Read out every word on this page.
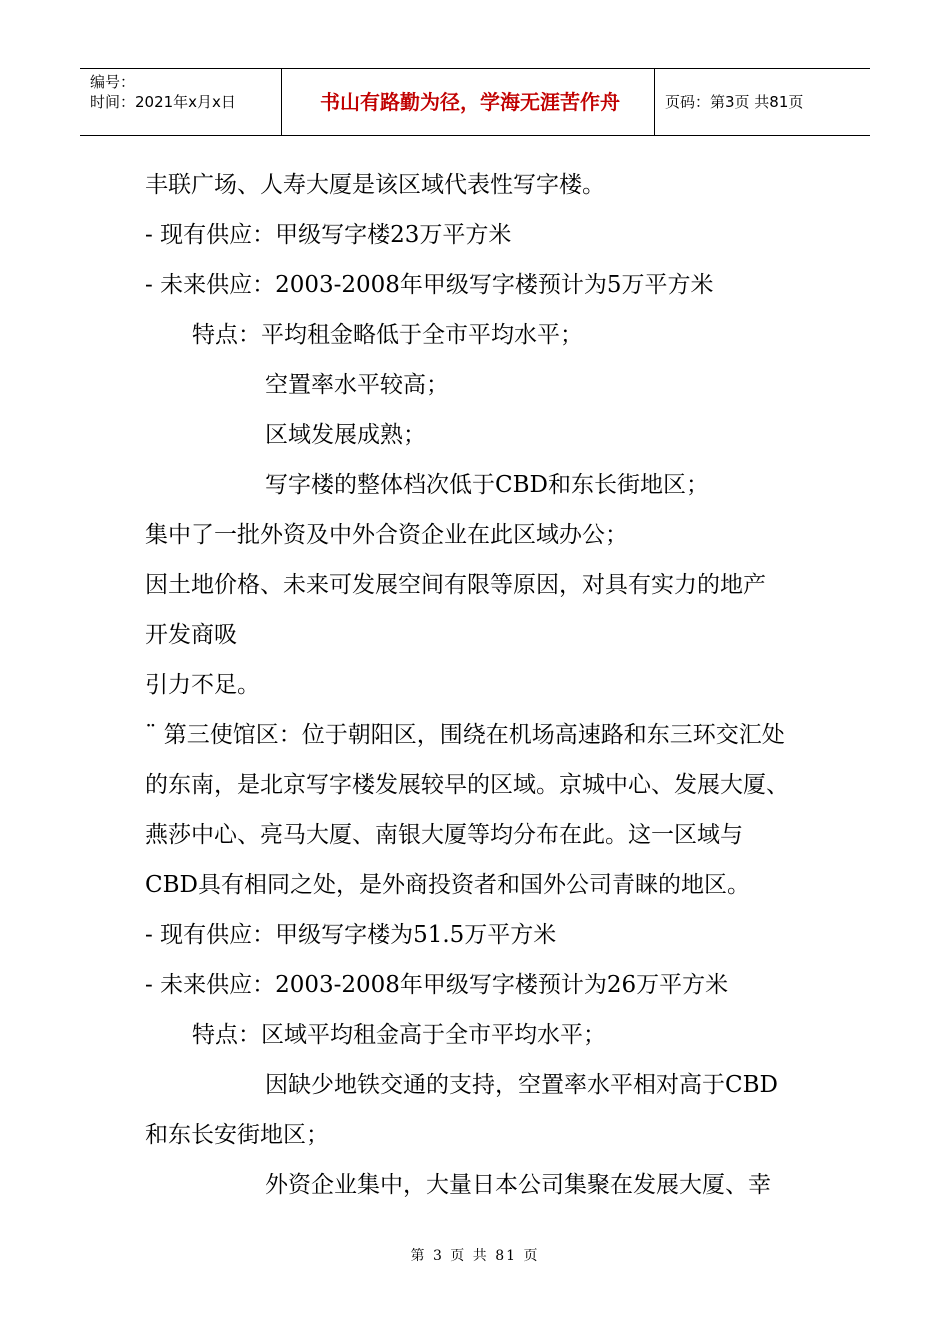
编号：
时间：2021年x月x日	书山有路勤为径，学海无涯苦作舟	页码：第3页 共81页
丰联广场、人寿大厦是该区域代表性写字楼。
- 现有供应：甲级写字楼23万平方米
- 未来供应：2003-2008年甲级写字楼预计为5万平方米
特点：平均租金略低于全市平均水平；
空置率水平较高；
区域发展成熟；
写字楼的整体档次低于CBD和东长街地区；
集中了一批外资及中外合资企业在此区域办公；
因土地价格、未来可发展空间有限等原因，对具有实力的地产
开发商吸
引力不足。
¨ 第三使馆区：位于朝阳区，围绕在机场高速路和东三环交汇处
的东南，是北京写字楼发展较早的区域。京城中心、发展大厦、
燕莎中心、亮马大厦、南银大厦等均分布在此。这一区域与
CBD具有相同之处，是外商投资者和国外公司青睐的地区。
- 现有供应：甲级写字楼为51.5万平方米
- 未来供应：2003-2008年甲级写字楼预计为26万平方米
特点：区域平均租金高于全市平均水平；
因缺少地铁交通的支持，空置率水平相对高于CBD
和东长安街地区；
外资企业集中，大量日本公司集聚在发展大厦、幸
第 3 页 共 81 页
